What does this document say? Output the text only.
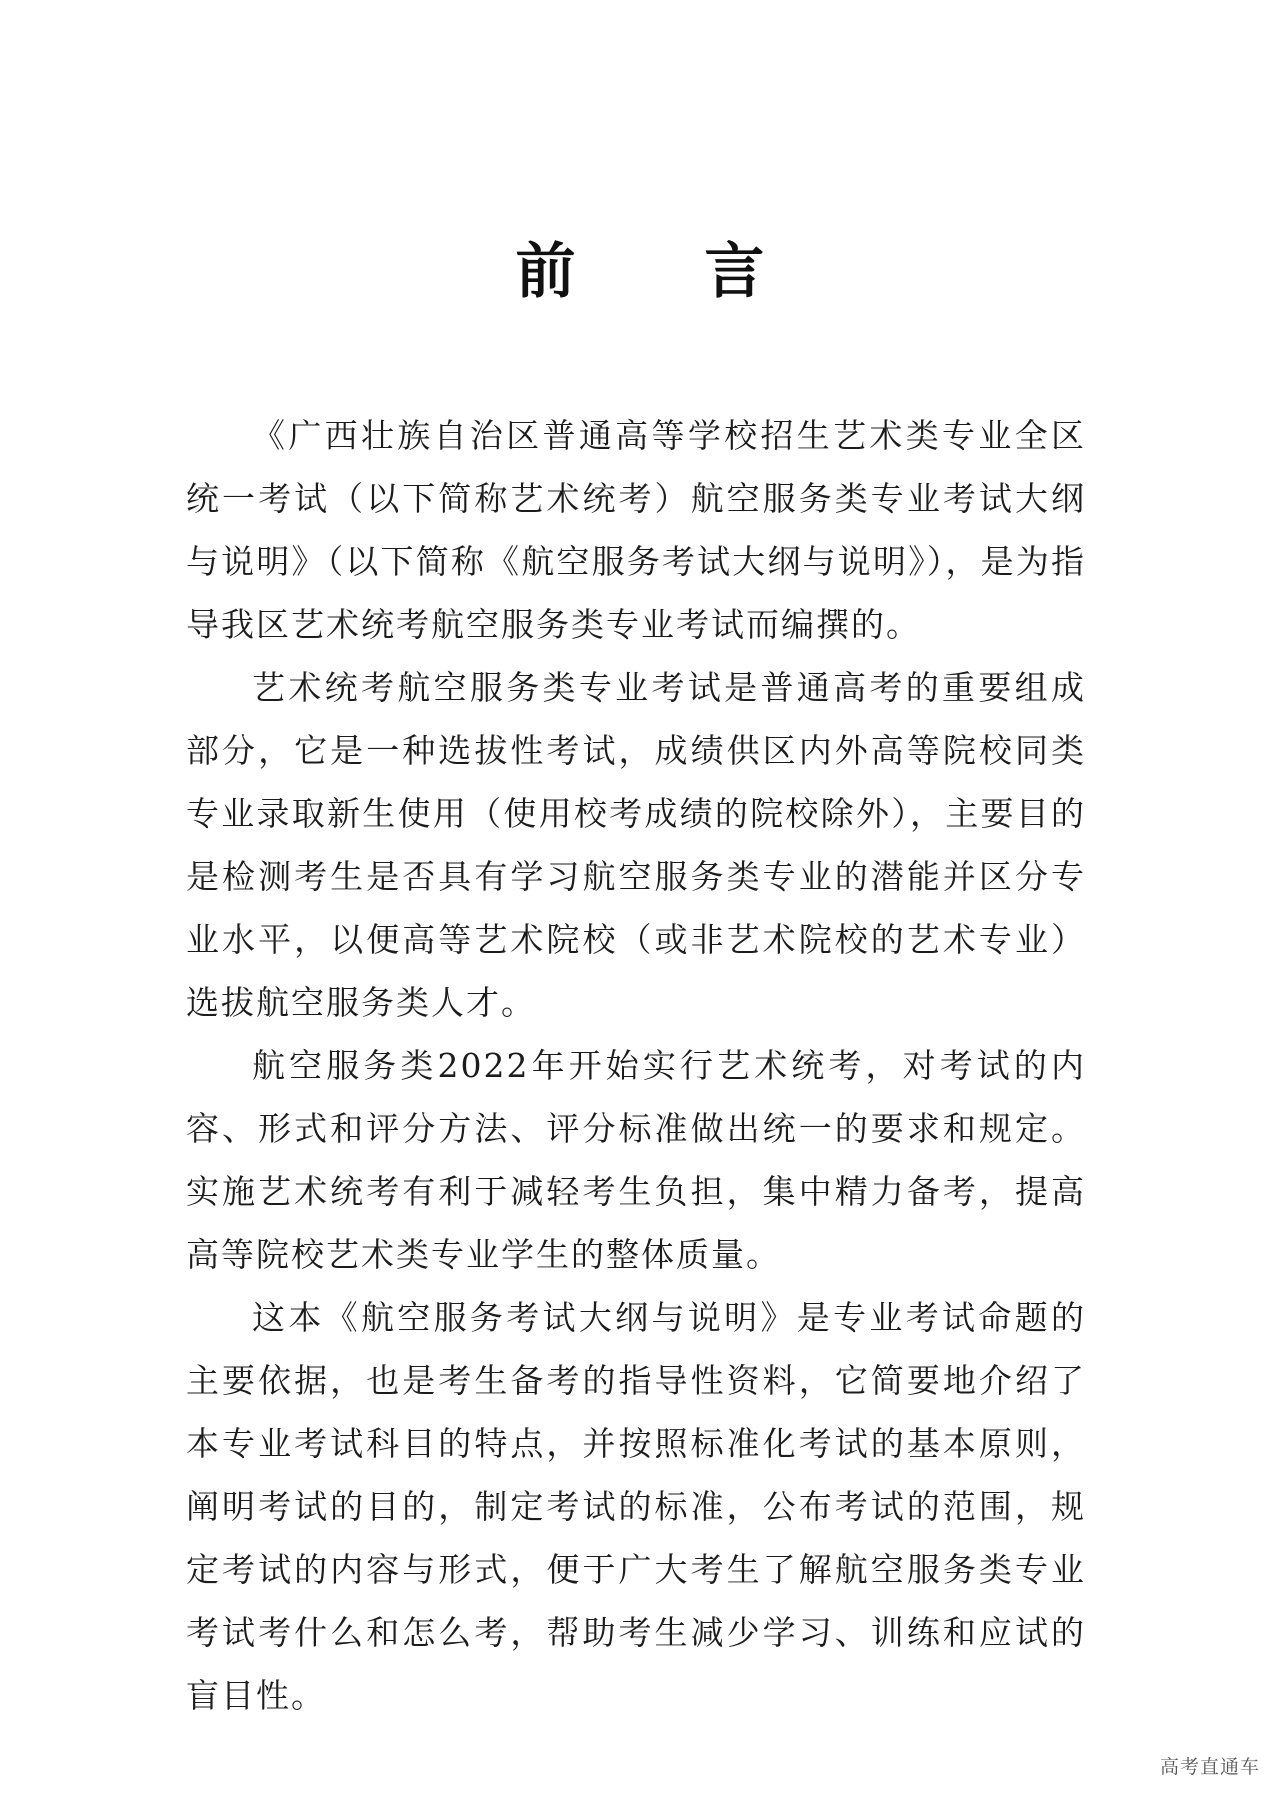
前 言

《广西壮族自治区普通高等学校招生艺术类专业全区统一考试（以下简称艺术统考）航空服务类专业考试大纲与说明》（以下简称《航空服务考试大纲与说明》），是为指导我区艺术统考航空服务类专业考试而编撰的。

艺术统考航空服务类专业考试是普通高考的重要组成部分，它是一种选拔性考试，成绩供区内外高等院校同类专业录取新生使用（使用校考成绩的院校除外），主要目的是检测考生是否具有学习航空服务类专业的潜能并区分专业水平，以便高等艺术院校（或非艺术院校的艺术专业）选拔航空服务类人才。

航空服务类2022年开始实行艺术统考，对考试的内容、形式和评分方法、评分标准做出统一的要求和规定。实施艺术统考有利于减轻考生负担，集中精力备考，提高高等院校艺术类专业学生的整体质量。

这本《航空服务考试大纲与说明》是专业考试命题的主要依据，也是考生备考的指导性资料，它简要地介绍了本专业考试科目的特点，并按照标准化考试的基本原则，阐明考试的目的，制定考试的标准，公布考试的范围，规定考试的内容与形式，便于广大考生了解航空服务类专业考试考什么和怎么考，帮助考生减少学习、训练和应试的盲目性。

高考直通车
